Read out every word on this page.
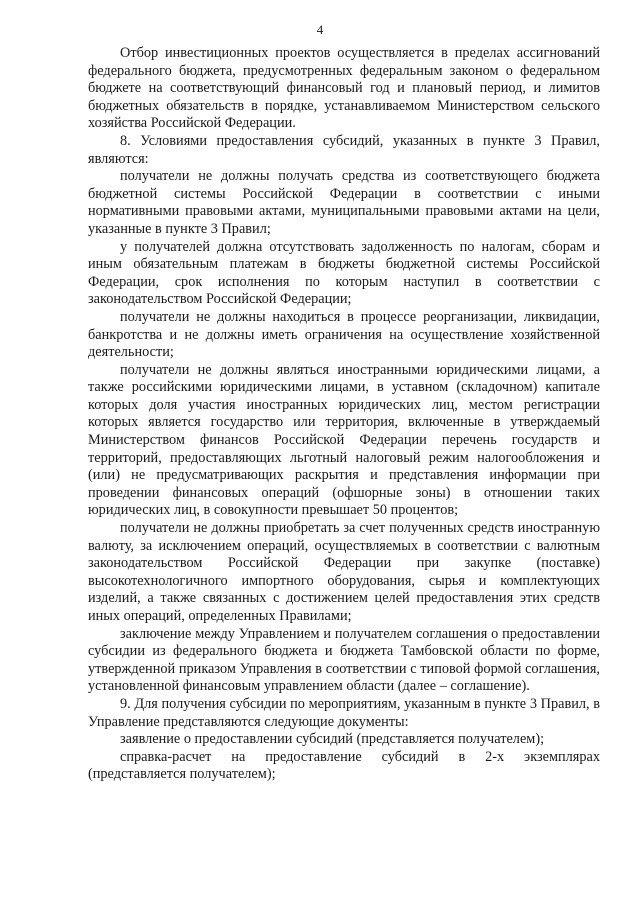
4

Отбор инвестиционных проектов осуществляется в пределах ассигнований федерального бюджета, предусмотренных федеральным законом о федеральном бюджете на соответствующий финансовый год и плановый период, и лимитов бюджетных обязательств в порядке, устанавливаемом Министерством сельского хозяйства Российской Федерации.

8. Условиями предоставления субсидий, указанных в пункте 3 Правил, являются:

получатели не должны получать средства из соответствующего бюджета бюджетной системы Российской Федерации в соответствии с иными нормативными правовыми актами, муниципальными правовыми актами на цели, указанные в пункте 3 Правил;

у получателей должна отсутствовать задолженность по налогам, сборам и иным обязательным платежам в бюджеты бюджетной системы Российской Федерации, срок исполнения по которым наступил в соответствии с законодательством Российской Федерации;

получатели не должны находиться в процессе реорганизации, ликвидации, банкротства и не должны иметь ограничения на осуществление хозяйственной деятельности;

получатели не должны являться иностранными юридическими лицами, а также российскими юридическими лицами, в уставном (складочном) капитале которых доля участия иностранных юридических лиц, местом регистрации которых является государство или территория, включенные в утверждаемый Министерством финансов Российской Федерации перечень государств и территорий, предоставляющих льготный налоговый режим налогообложения и (или) не предусматривающих раскрытия и представления информации при проведении финансовых операций (офшорные зоны) в отношении таких юридических лиц, в совокупности превышает 50 процентов;

получатели не должны приобретать за счет полученных средств иностранную валюту, за исключением операций, осуществляемых в соответствии с валютным законодательством Российской Федерации при закупке (поставке) высокотехнологичного импортного оборудования, сырья и комплектующих изделий, а также связанных с достижением целей предоставления этих средств иных операций, определенных Правилами;

заключение между Управлением и получателем соглашения о предоставлении субсидии из федерального бюджета и бюджета Тамбовской области по форме, утвержденной приказом Управления в соответствии с типовой формой соглашения, установленной финансовым управлением области (далее – соглашение).

9. Для получения субсидии по мероприятиям, указанным в пункте 3 Правил, в Управление представляются следующие документы:

заявление о предоставлении субсидий (представляется получателем);

справка-расчет на предоставление субсидий в 2-х экземплярах (представляется получателем);
